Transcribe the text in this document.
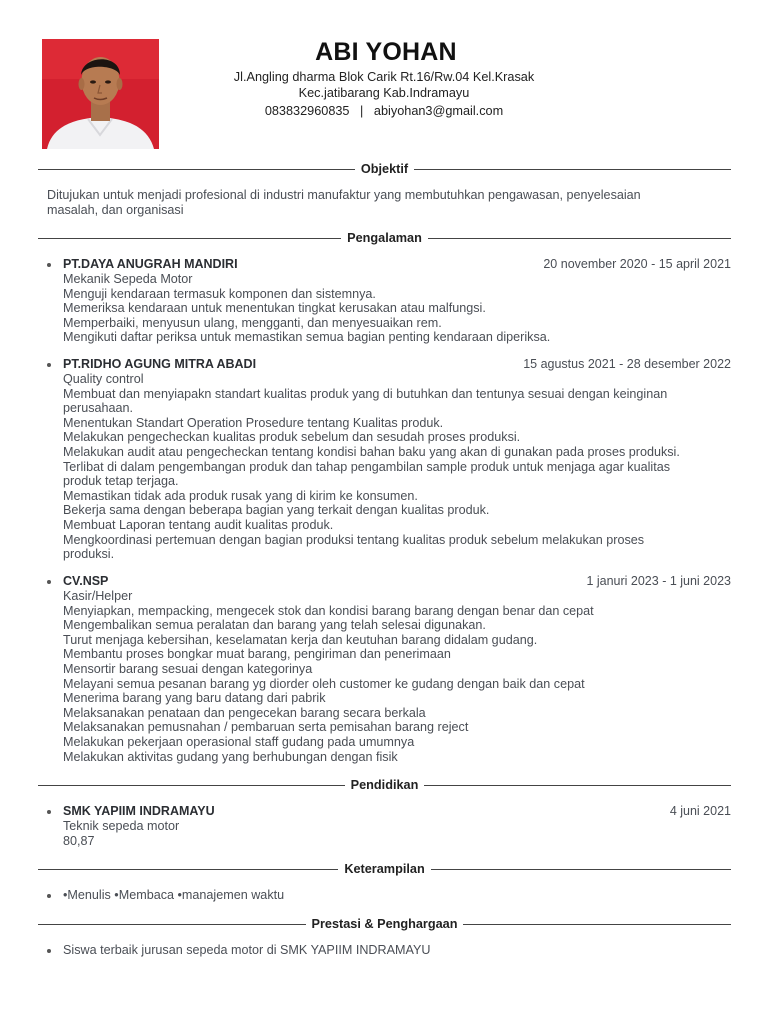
ABI YOHAN
Jl.Angling dharma Blok Carik Rt.16/Rw.04 Kel.Krasak
Kec.jatibarang Kab.Indramayu
083832960835   |   abiyohan3@gmail.com
Objektif
Ditujukan untuk menjadi profesional di industri manufaktur yang membutuhkan pengawasan, penyelesaian
masalah, dan organisasi
Pengalaman
PT.DAYA ANUGRAH MANDIRI	20 november 2020 - 15 april 2021
Mekanik Sepeda Motor
Menguji kendaraan termasuk komponen dan sistemnya.
Memeriksa kendaraan untuk menentukan tingkat kerusakan atau malfungsi.
Memperbaiki, menyusun ulang, mengganti, dan menyesuaikan rem.
Mengikuti daftar periksa untuk memastikan semua bagian penting kendaraan diperiksa.
PT.RIDHO AGUNG MITRA ABADI	15 agustus 2021 - 28 desember 2022
Quality control
Membuat dan menyiapakn standart kualitas produk yang di butuhkan dan tentunya sesuai dengan keinginan
perusahaan.
Menentukan Standart Operation Prosedure tentang Kualitas produk.
Melakukan pengecheckan kualitas produk sebelum dan sesudah proses produksi.
Melakukan audit atau pengecheckan tentang kondisi bahan baku yang akan di gunakan pada proses produksi.
Terlibat di dalam pengembangan produk dan tahap pengambilan sample produk untuk menjaga agar kualitas
produk tetap terjaga.
Memastikan tidak ada produk rusak yang di kirim ke konsumen.
Bekerja sama dengan beberapa bagian yang terkait dengan kualitas produk.
Membuat Laporan tentang audit kualitas produk.
Mengkoordinasi pertemuan dengan bagian produksi tentang kualitas produk sebelum melakukan proses
produksi.
CV.NSP	1 januri 2023 - 1 juni 2023
Kasir/Helper
Menyiapkan, mempacking, mengecek stok dan kondisi barang barang dengan benar dan cepat
Mengembalikan semua peralatan dan barang yang telah selesai digunakan.
Turut menjaga kebersihan, keselamatan kerja dan keutuhan barang didalam gudang.
Membantu proses bongkar muat barang, pengiriman dan penerimaan
Mensortir barang sesuai dengan kategorinya
Melayani semua pesanan barang yg diorder oleh customer ke gudang dengan baik dan cepat
Menerima barang yang baru datang dari pabrik
Melaksanakan penataan dan pengecekan barang secara berkala
Melaksanakan pemusnahan / pembaruan serta pemisahan barang reject
Melakukan pekerjaan operasional staff gudang pada umumnya
Melakukan aktivitas gudang yang berhubungan dengan fisik
Pendidikan
SMK YAPIIM INDRAMAYU	4 juni 2021
Teknik sepeda motor
80,87
Keterampilan
•Menulis •Membaca •manajemen waktu
Prestasi & Penghargaan
Siswa terbaik jurusan sepeda motor di SMK YAPIIM INDRAMAYU
